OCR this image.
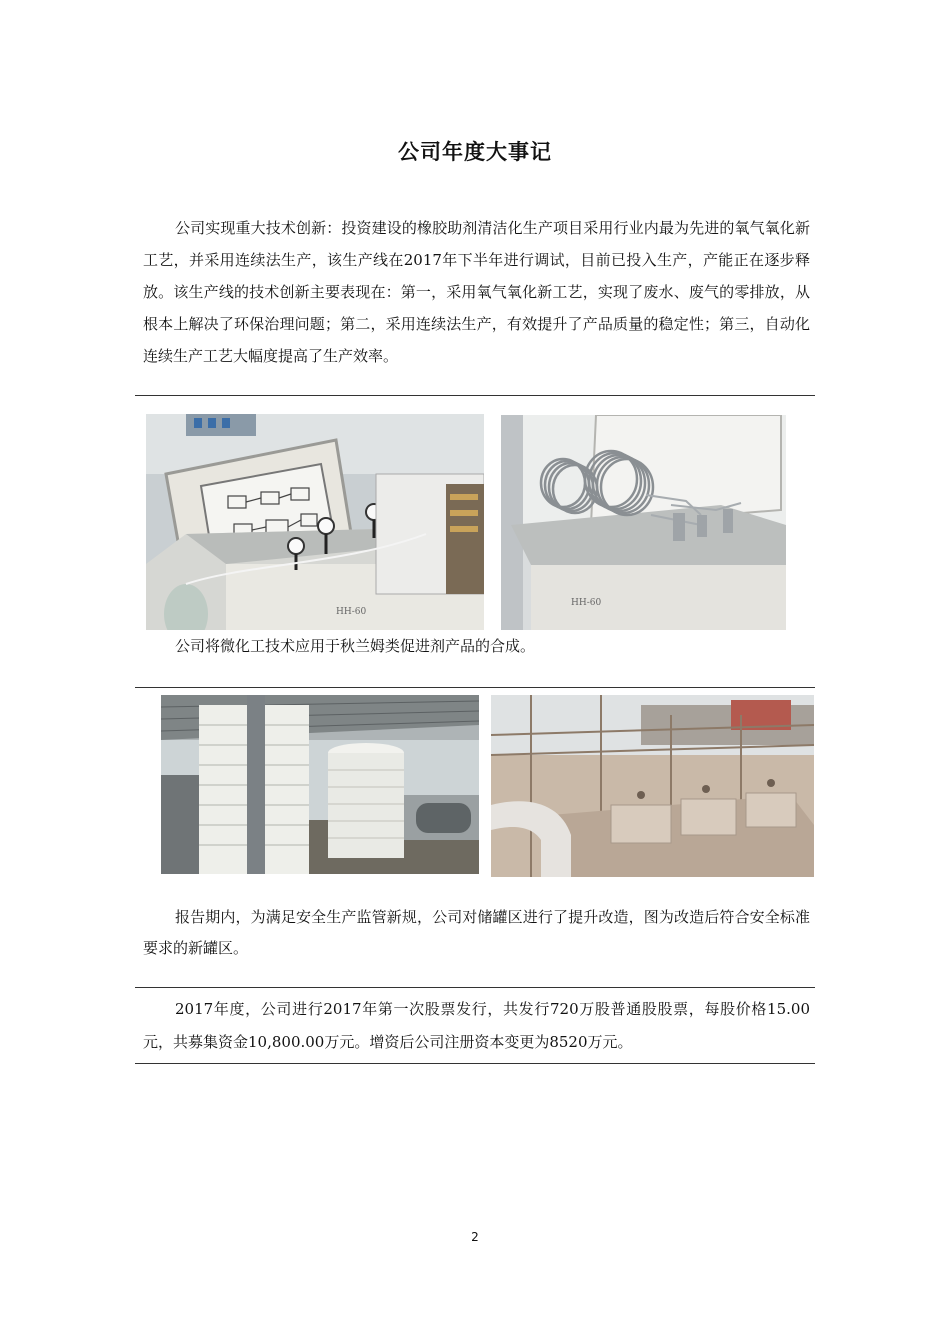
公司年度大事记
公司实现重大技术创新：投资建设的橡胶助剂清洁化生产项目采用行业内最为先进的氧气氧化新工艺，并采用连续法生产，该生产线在2017年下半年进行调试，目前已投入生产，产能正在逐步释放。该生产线的技术创新主要表现在：第一，采用氧气氧化新工艺，实现了废水、废气的零排放，从根本上解决了环保治理问题；第二，采用连续法生产，有效提升了产品质量的稳定性；第三，自动化连续生产工艺大幅度提高了生产效率。
HH-60
HH-60
公司将微化工技术应用于秋兰姆类促进剂产品的合成。
报告期内，为满足安全生产监管新规，公司对储罐区进行了提升改造，图为改造后符合安全标准要求的新罐区。
2017年度，公司进行2017年第一次股票发行，共发行720万股普通股股票，每股价格15.00元，共募集资金10,800.00万元。增资后公司注册资本变更为8520万元。
2
